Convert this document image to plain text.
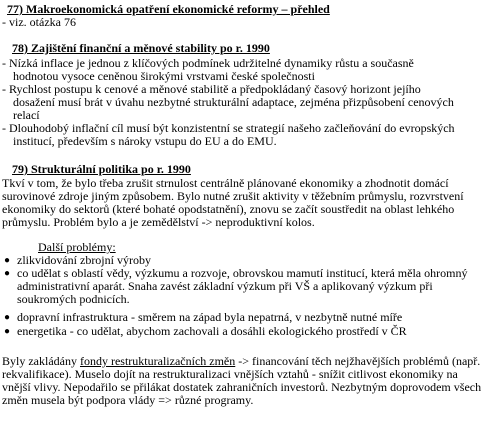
77) Makroekonomická opatření ekonomické reformy – přehled
- viz. otázka 76
78) Zajištění finanční a měnové stability po r. 1990
- Nízká inflace je jednou z klíčových podmínek udržitelné dynamiky růstu a současně
hodnotou vysoce ceněnou širokými vrstvami české společnosti
- Rychlost postupu k cenové a měnové stabilitě a předpokládaný časový horizont jejího
dosažení musí brát v úvahu nezbytné strukturální adaptace, zejména přizpůsobení cenových
relací
- Dlouhodobý inflační cíl musí být konzistentní se strategií našeho začleňování do evropských
institucí, především s nároky vstupu do EU a do EMU.
79) Strukturální politika po r. 1990
Tkví v tom, že bylo třeba zrušit strnulost centrálně plánované ekonomiky a zhodnotit domácí
surovinové zdroje jiným způsobem. Bylo nutné zrušit aktivity v těžebním průmyslu, rozvrstvení
ekonomiky do sektorů (které bohaté opodstatnění), znovu se začít soustředit na oblast lehkého
průmyslu. Problém bylo a je zemědělství -> neproduktivní kolos.
Další problémy:
● zlikvidování zbrojní výroby
● co udělat s oblastí vědy, výzkumu a rozvoje, obrovskou mamutí institucí, která měla ohromný
administrativní aparát. Snaha zavést základní výzkum při VŠ a aplikovaný výzkum při
soukromých podnicích.
● dopravní infrastruktura - směrem na západ byla nepatrná, v nezbytně nutné míře
● energetika - co udělat, abychom zachovali a dosáhli ekologického prostředí v ČR
Byly zakládány fondy restrukturalizačních změn -> financování těch nejžhavějších problémů (např.
rekvalifikace). Muselo dojít na restrukturalizaci vnějších vztahů - snížit citlivost ekonomiky na
vnější vlivy. Nepodařilo se přilákat dostatek zahraničních investorů. Nezbytným doprovodem všech
změn musela být podpora vlády => různé programy.
